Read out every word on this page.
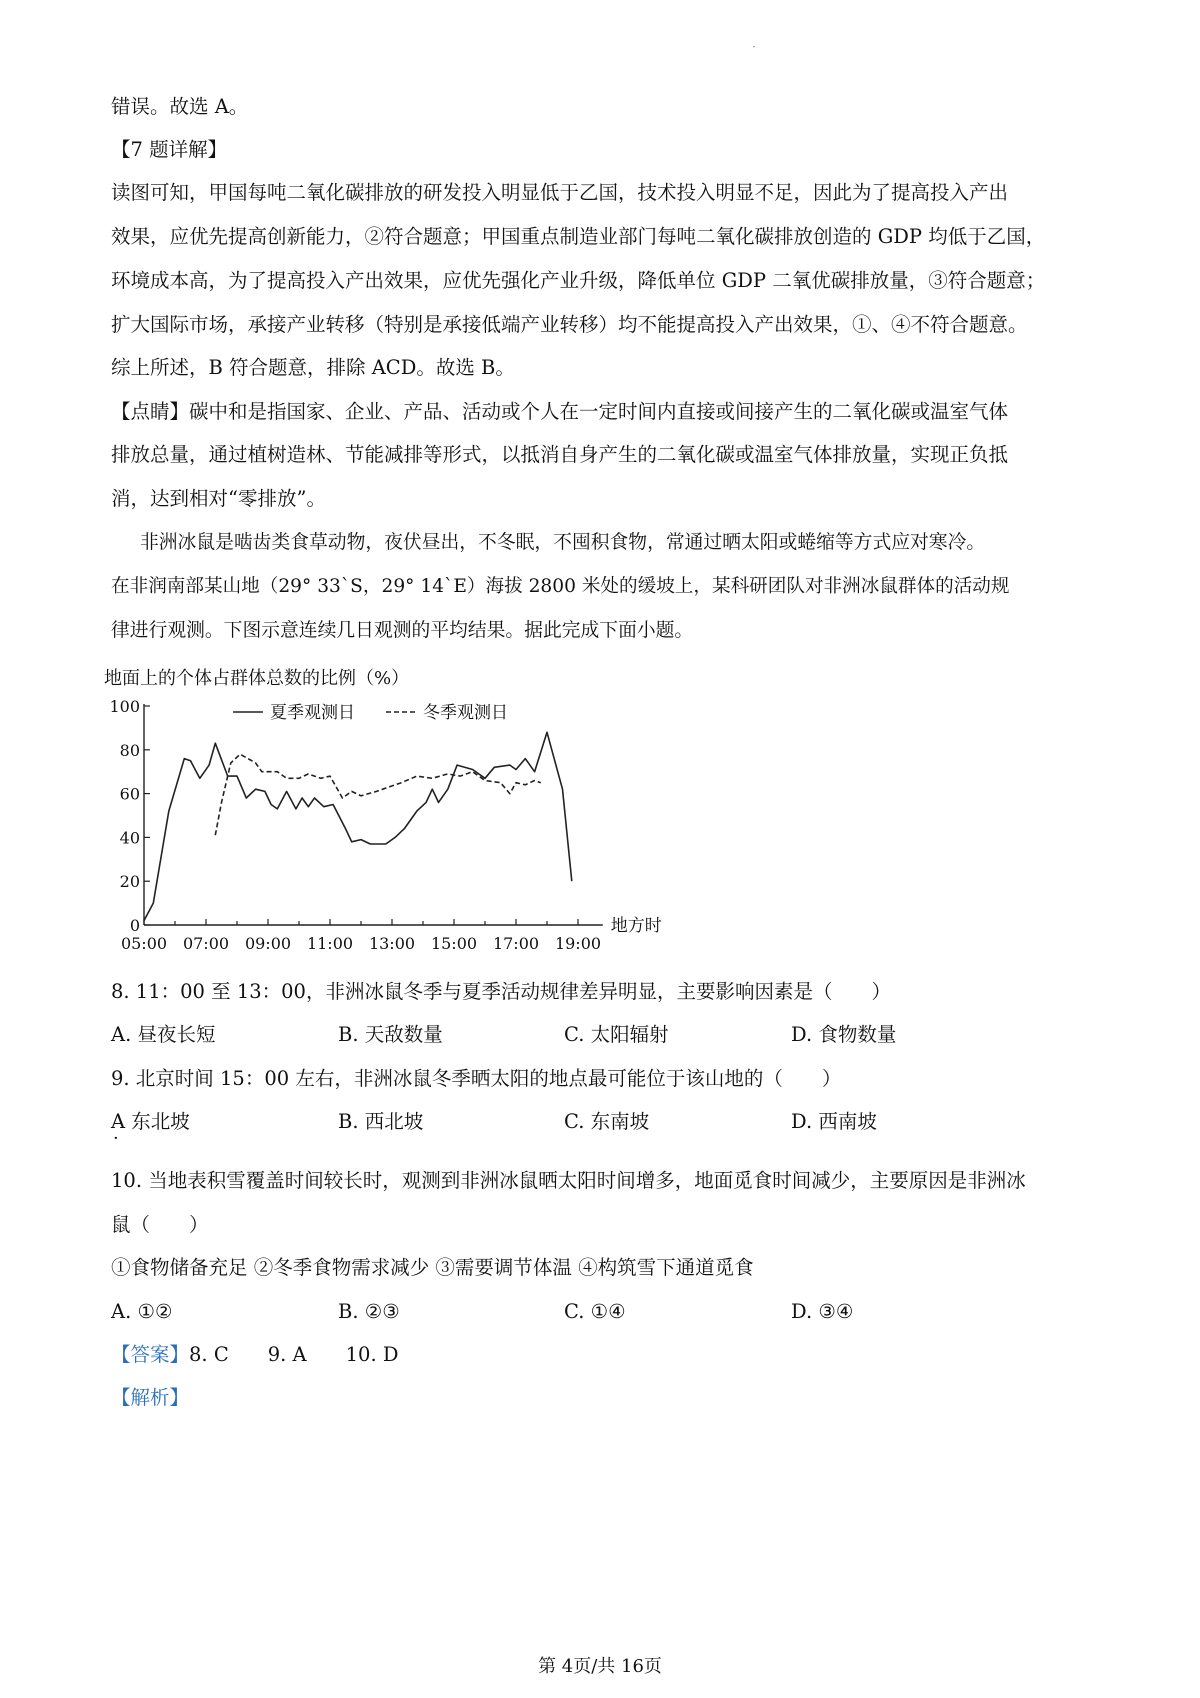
·
错误。故选 A。
【7 题详解】
读图可知，甲国每吨二氧化碳排放的研发投入明显低于乙国，技术投入明显不足，因此为了提高投入产出
效果，应优先提高创新能力，②符合题意；甲国重点制造业部门每吨二氧化碳排放创造的 GDP 均低于乙国，
环境成本高，为了提高投入产出效果，应优先强化产业升级，降低单位 GDP 二氧优碳排放量，③符合题意；
扩大国际市场，承接产业转移（特别是承接低端产业转移）均不能提高投入产出效果，①、④不符合题意。
综上所述，B 符合题意，排除 ACD。故选 B。
【点睛】碳中和是指国家、企业、产品、活动或个人在一定时间内直接或间接产生的二氧化碳或温室气体
排放总量，通过植树造林、节能减排等形式，以抵消自身产生的二氧化碳或温室气体排放量，实现正负抵
消，达到相对“零排放”。
非洲冰鼠是啮齿类食草动物，夜伏昼出，不冬眠，不囤积食物，常通过晒太阳或蜷缩等方式应对寒冷。
在非润南部某山地（29° 33`S，29° 14`E）海拔 2800 米处的缓坡上，某科研团队对非洲冰鼠群体的活动规
律进行观测。下图示意连续几日观测的平均结果。据此完成下面小题。
地面上的个体占群体总数的比例（%）
0
20
40
60
80
100
05:00 07:00 09:00 11:00 13:00 15:00 17:00 19:00
地方时
夏季观测日	冬季观测日
8. 11：00 至 13：00，非洲冰鼠冬季与夏季活动规律差异明显，主要影响因素是（　　）
A. 昼夜长短	B. 天敌数量	C. 太阳辐射	D. 食物数量
9. 北京时间 15：00 左右，非洲冰鼠冬季晒太阳的地点最可能位于该山地的（　　）
A 东北坡	B. 西北坡	C. 东南坡	D. 西南坡
·
10. 当地表积雪覆盖时间较长时，观测到非洲冰鼠晒太阳时间增多，地面觅食时间减少，主要原因是非洲冰
鼠（　　）
①食物储备充足 ②冬季食物需求减少 ③需要调节体温 ④构筑雪下通道觅食
A. ①②	B. ②③	C. ①④	D. ③④
【答案】8. C　　9. A　　10. D
【解析】
第 4页/共 16页
